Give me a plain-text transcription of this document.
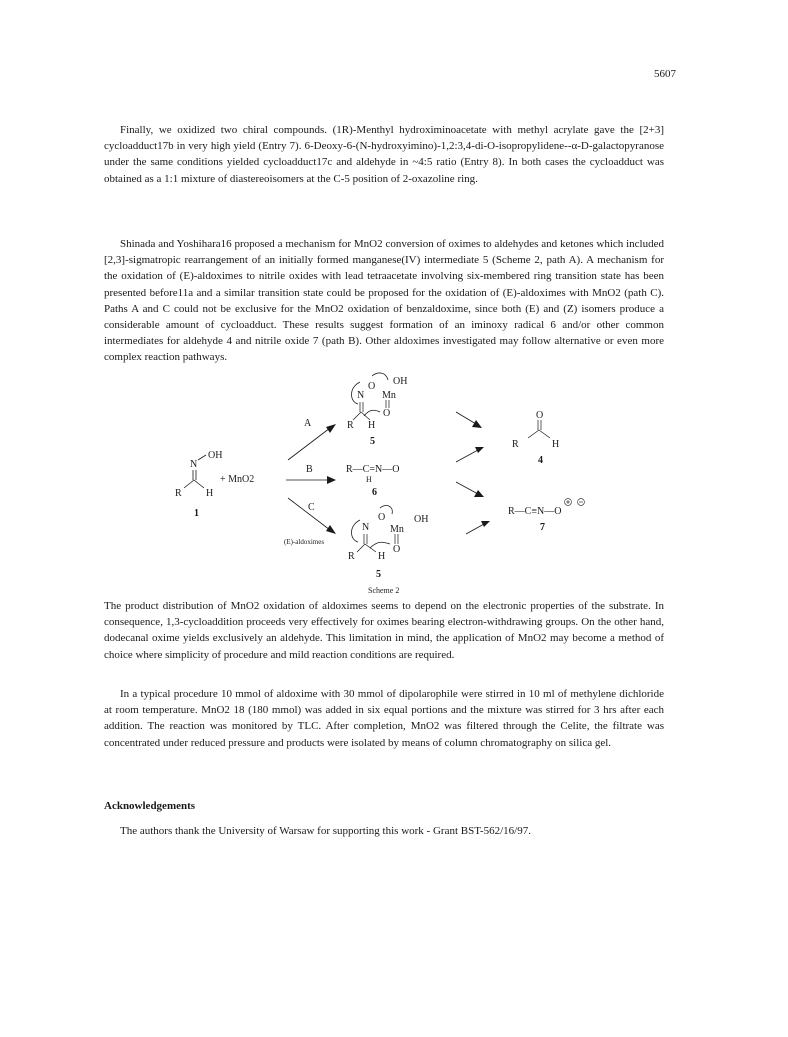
5607

Finally, we oxidized two chiral compounds. (1R)-Menthyl hydroximinoacetate with methyl acrylate gave the [2+3] cycloadduct17b in very high yield (Entry 7). 6-Deoxy-6-(N-hydroxyimino)-1,2:3,4-di-O-isopropylidene--α-D-galactopyranose under the same conditions yielded cycloadduct17c and aldehyde in ~4:5 ratio (Entry 8). In both cases the cycloadduct was obtained as a 1:1 mixture of diastereoisomers at the C-5 position of 2-oxazoline ring.

Shinada and Yoshihara16 proposed a mechanism for MnO2 conversion of oximes to aldehydes and ketones which included [2,3]-sigmatropic rearrangement of an initially formed manganese(IV) intermediate 5 (Scheme 2, path A). A mechanism for the oxidation of (E)-aldoximes to nitrile oxides with lead tetraacetate involving six-membered ring transition state has been presented before11a and a similar transition state could be proposed for the oxidation of (E)-aldoximes with MnO2 (path C). Paths A and C could not be exclusive for the MnO2 oxidation of benzaldoxime, since both (E) and (Z) isomers produce a considerable amount of cycloadduct. These results suggest formation of an iminoxy radical 6 and/or other common intermediates for aldehyde 4 and nitrile oxide 7 (path B). Other aldoximes investigated may follow alternative or even more complex reaction pathways.

OH
N
R H
1
+ MnO2
A
B
C
(E)-aldoximes
O OH
N Mn
O
R H
5
R—C=N—O
H
6
O	OH
N Mn
O
R H
5
O
R	H
4
R—C≡N—O
7
Scheme 2

The product distribution of MnO2 oxidation of aldoximes seems to depend on the electronic properties of the substrate. In consequence, 1,3-cycloaddition proceeds very effectively for oximes bearing electron-withdrawing groups. On the other hand, dodecanal oxime yields exclusively an aldehyde. This limitation in mind, the application of MnO2 may become a method of choice where simplicity of procedure and mild reaction conditions are required.

In a typical procedure 10 mmol of aldoxime with 30 mmol of dipolarophile were stirred in 10 ml of methylene dichloride at room temperature. MnO2 18 (180 mmol) was added in six equal portions and the mixture was stirred for 3 hrs after each addition. The reaction was monitored by TLC. After completion, MnO2 was filtered through the Celite, the filtrate was concentrated under reduced pressure and products were isolated by means of column chromatography on silica gel.

Acknowledgements

The authors thank the University of Warsaw for supporting this work - Grant BST-562/16/97.
